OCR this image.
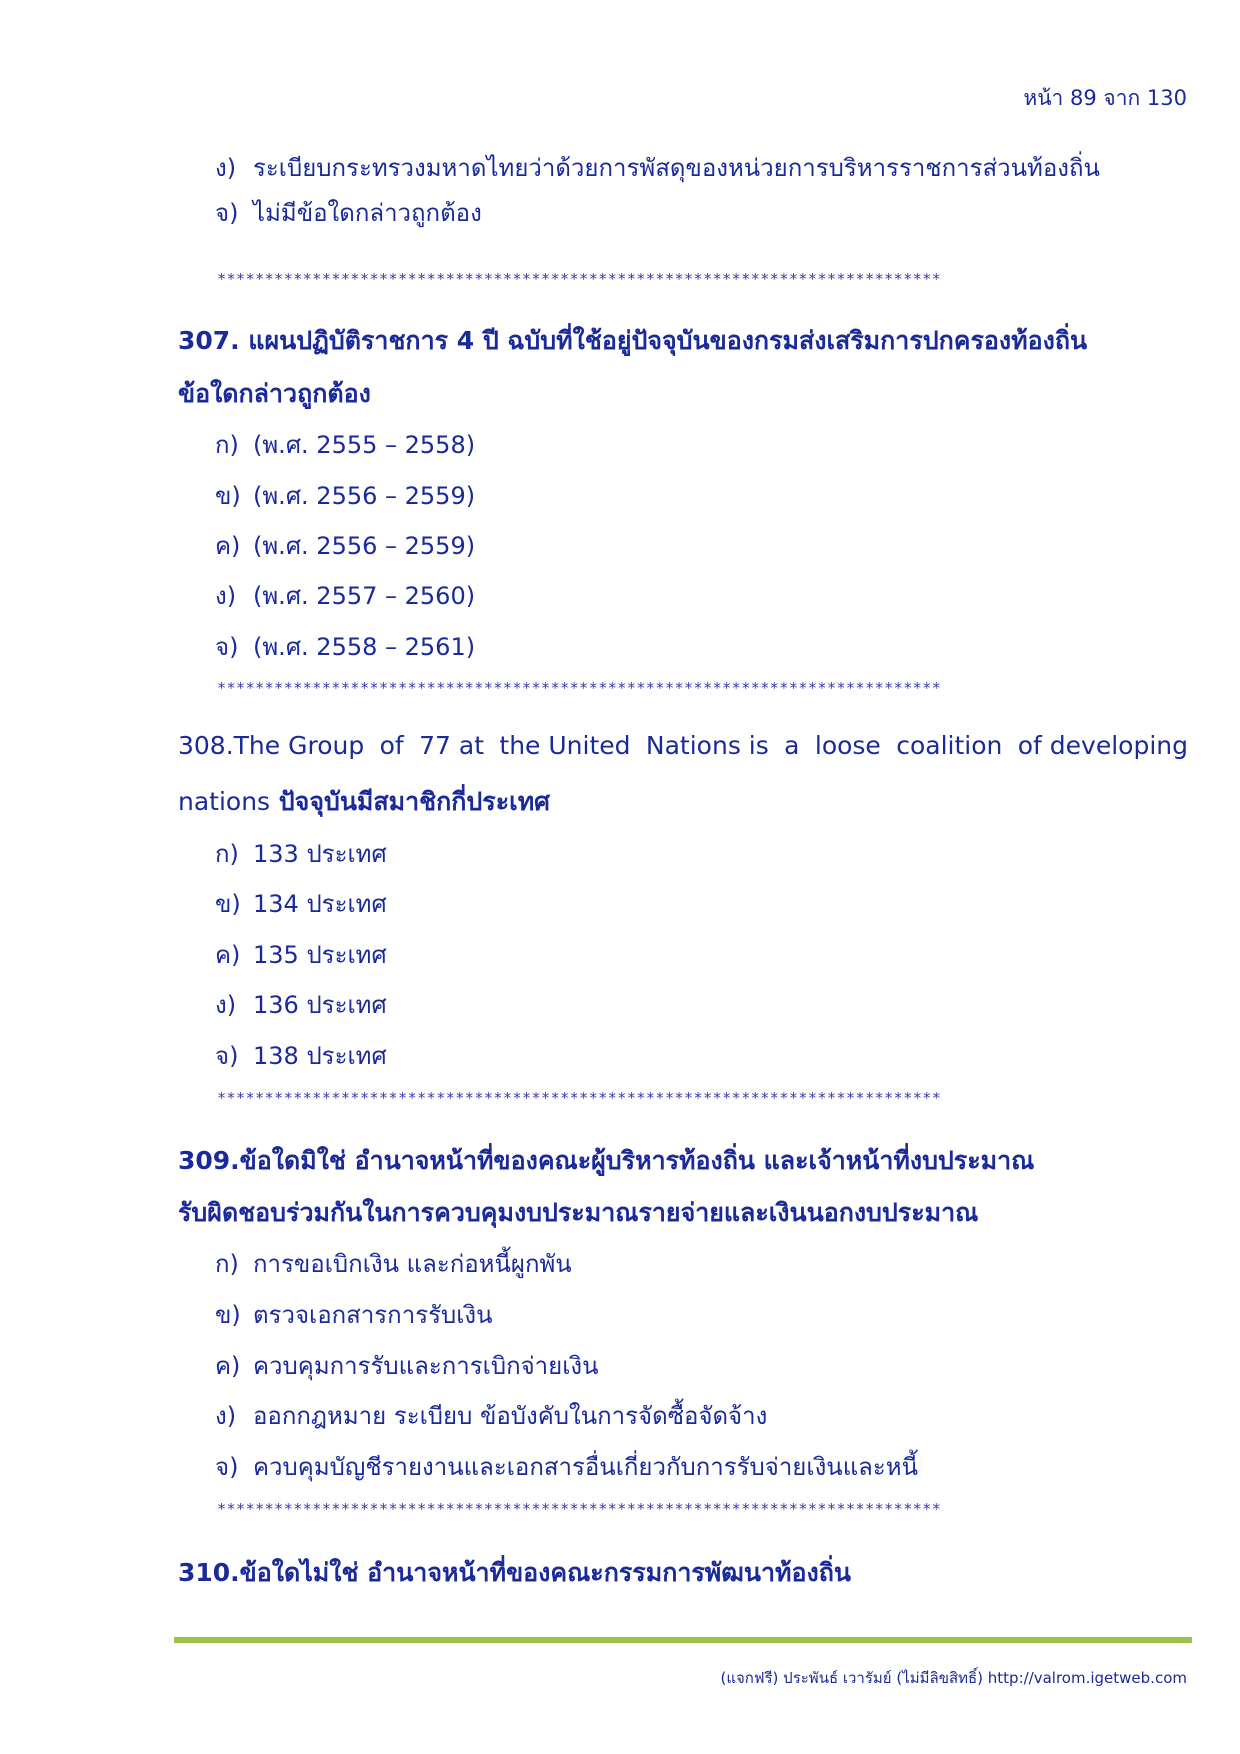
หน้า 89 จาก 130
ง) ระเบียบกระทรวงมหาดไทยว่าด้วยการพัสดุของหน่วยการบริหารราชการส่วนท้องถิ่น
จ) ไม่มีข้อใดกล่าวถูกต้อง
****************************************************************************
307. แผนปฏิบัติราชการ 4 ปี ฉบับที่ใช้อยู่ปัจจุบันของกรมส่งเสริมการปกครองท้องถิ่น
ข้อใดกล่าวถูกต้อง
ก) (พ.ศ. 2555 – 2558)
ข) (พ.ศ. 2556 – 2559)
ค) (พ.ศ. 2556 – 2559)
ง) (พ.ศ. 2557 – 2560)
จ) (พ.ศ. 2558 – 2561)
****************************************************************************
308.The Group of 77 at the United Nations is a loose coalition of developing
nations ปัจจุบันมีสมาชิกกี่ประเทศ
ก) 133 ประเทศ
ข) 134 ประเทศ
ค) 135 ประเทศ
ง) 136 ประเทศ
จ) 138 ประเทศ
****************************************************************************
309.ข้อใดมิใช่ อำนาจหน้าที่ของคณะผู้บริหารท้องถิ่น และเจ้าหน้าที่งบประมาณ
รับผิดชอบร่วมกันในการควบคุมงบประมาณรายจ่ายและเงินนอกงบประมาณ
ก) การขอเบิกเงิน และก่อหนี้ผูกพัน
ข) ตรวจเอกสารการรับเงิน
ค) ควบคุมการรับและการเบิกจ่ายเงิน
ง) ออกกฎหมาย ระเบียบ ข้อบังคับในการจัดซื้อจัดจ้าง
จ) ควบคุมบัญชีรายงานและเอกสารอื่นเกี่ยวกับการรับจ่ายเงินและหนี้
****************************************************************************
310.ข้อใดไม่ใช่ อำนาจหน้าที่ของคณะกรรมการพัฒนาท้องถิ่น
(แจกฟรี) ประพันธ์ เวารัมย์ (ไม่มีลิขสิทธิ์) http://valrom.igetweb.com
